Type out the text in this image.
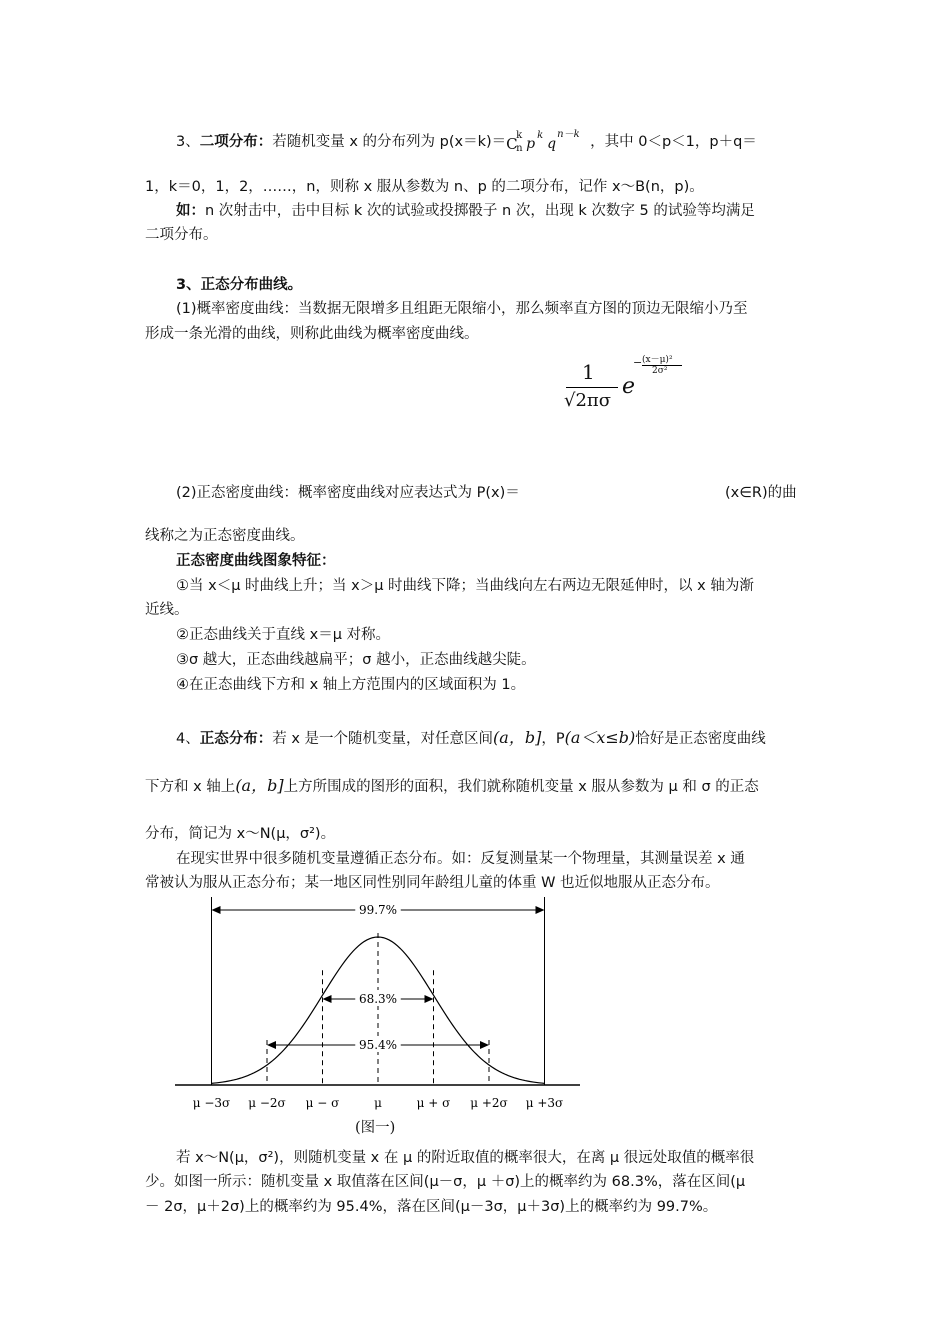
3、二项分布：若随机变量 x 的分布列为 p(x＝k)＝ C
k
n p
k
q
n－k ，其中 0＜p＜1，p＋q＝
1，k＝0，1，2，……，n，则称 x 服从参数为 n、p 的二项分布，记作 x～B(n，p)。
如：n 次射击中，击中目标 k 次的试验或投掷骰子 n 次，出现 k 次数字 5 的试验等均满足
二项分布。
3、正态分布曲线。
(1)概率密度曲线：当数据无限增多且组距无限缩小，那么频率直方图的顶边无限缩小乃至
形成一条光滑的曲线，则称此曲线为概率密度曲线。
1
√2πσ
e
− (x－μ)²
2σ²
(2)正态密度曲线：概率密度曲线对应表达式为 P(x)＝	(x∈R)的曲
线称之为正态密度曲线。
正态密度曲线图象特征：
①当 x＜μ 时曲线上升；当 x＞μ 时曲线下降；当曲线向左右两边无限延伸时，以 x 轴为渐
近线。
②正态曲线关于直线 x＝μ 对称。
③σ 越大，正态曲线越扁平；σ 越小，正态曲线越尖陡。
④在正态曲线下方和 x 轴上方范围内的区域面积为 1。
4、正态分布：若 x 是一个随机变量，对任意区间(a，b]，P(a＜x≤b)恰好是正态密度曲线
下方和 x 轴上(a，b]上方所围成的图形的面积，我们就称随机变量 x 服从参数为 μ 和 σ 的正态
分布，简记为 x～N(μ，σ²)。
在现实世界中很多随机变量遵循正态分布。如：反复测量某一个物理量，其测量误差 x 通
常被认为服从正态分布；某一地区同性别同年龄组儿童的体重 W 也近似地服从正态分布。
μ −3σ μ −2σ μ − σ	μ	μ + σ μ +2σ μ +3σ
99.7%
68.3%
95.4%
(图一)
若 x～N(μ，σ²)，则随机变量 x 在 μ 的附近取值的概率很大，在离 μ 很远处取值的概率很
少。如图一所示：随机变量 x 取值落在区间(μ－σ，μ ＋σ)上的概率约为 68.3%，落在区间(μ
－ 2σ，μ＋2σ)上的概率约为 95.4%，落在区间(μ－3σ，μ＋3σ)上的概率约为 99.7%。
